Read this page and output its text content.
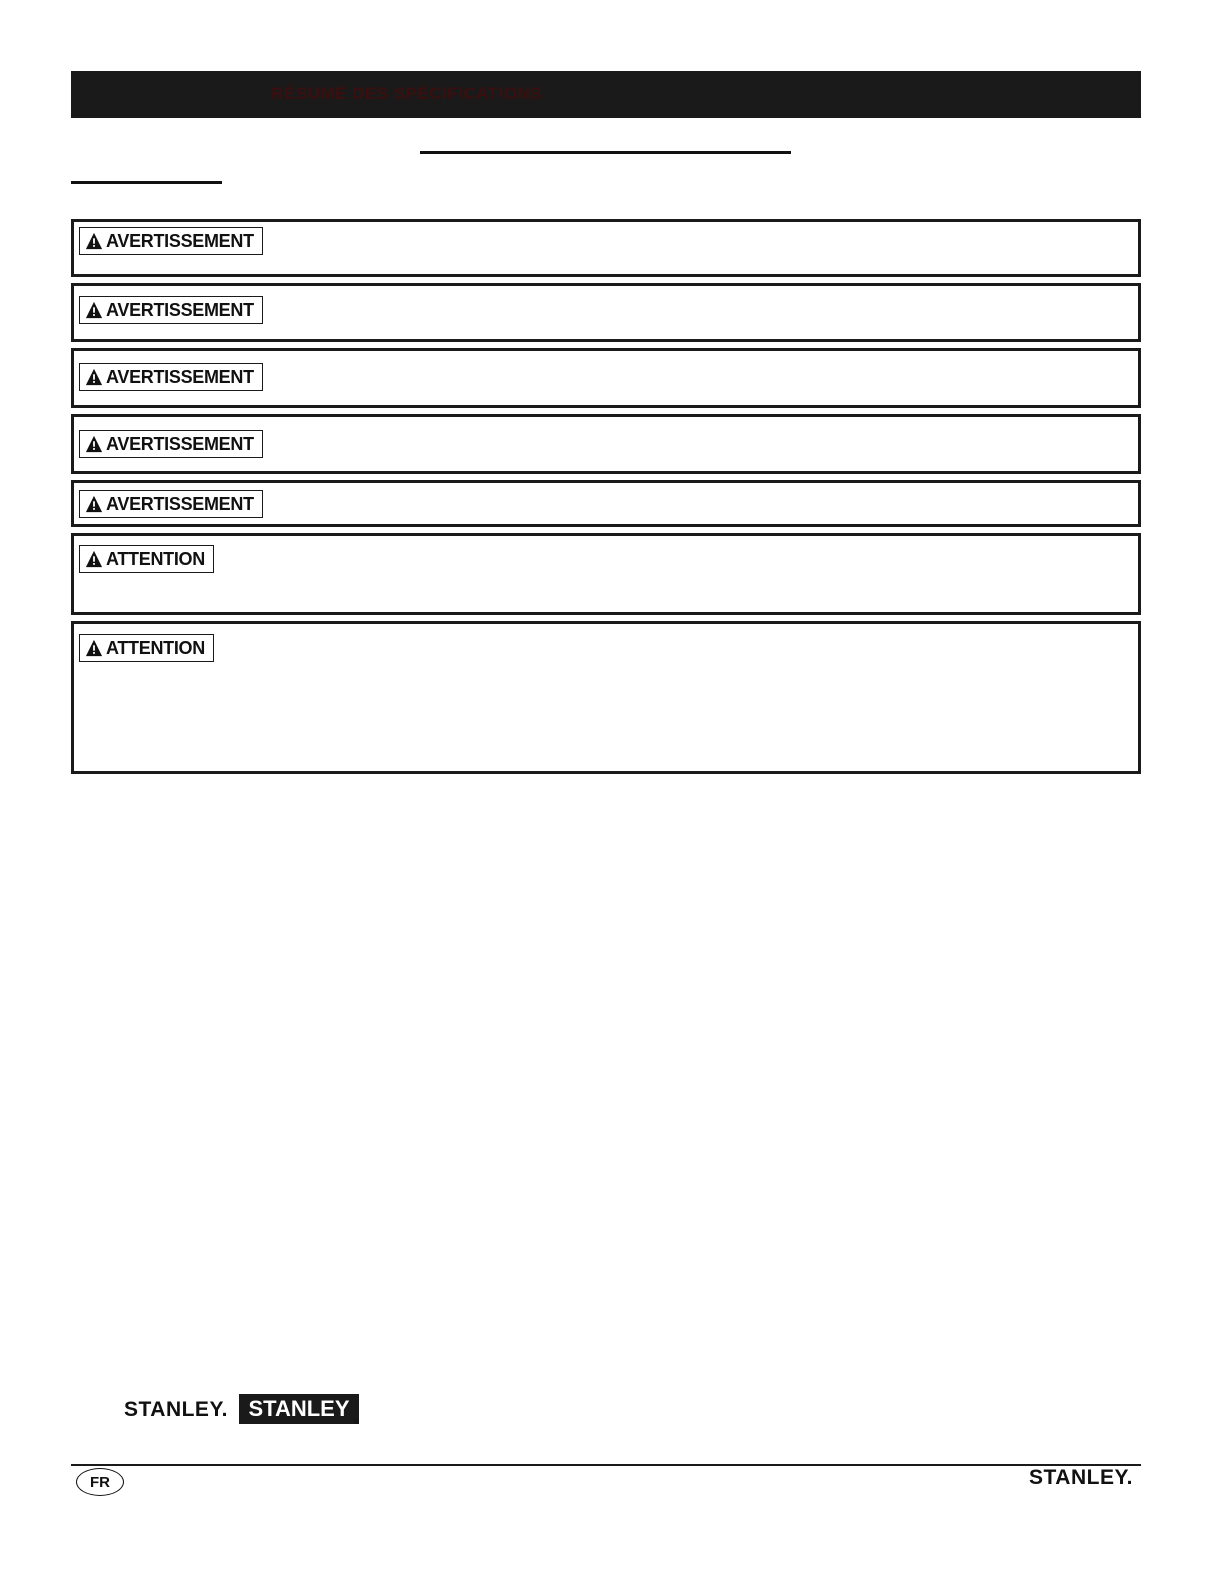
RÉSUMÉ DES SPÉCIFICATIONS
AVERTISSEMENT
AVERTISSEMENT
AVERTISSEMENT
AVERTISSEMENT
AVERTISSEMENT
ATTENTION
ATTENTION
STANLEY. STANLEY
®
FR	STANLEY.
